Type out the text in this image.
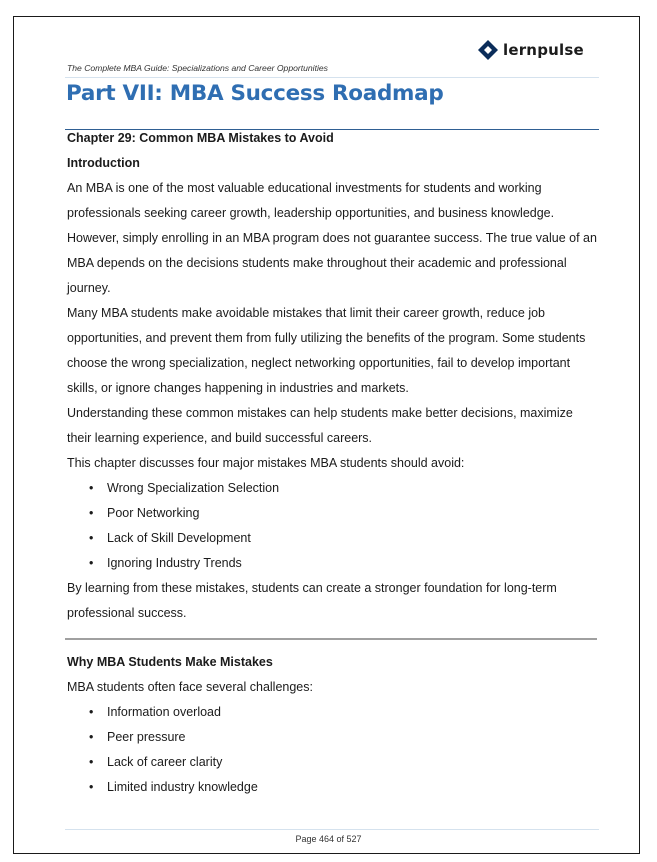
lernpulse
The Complete MBA Guide: Specializations and Career Opportunities
Part VII: MBA Success Roadmap
Chapter 29: Common MBA Mistakes to Avoid
Introduction
An MBA is one of the most valuable educational investments for students and working
professionals seeking career growth, leadership opportunities, and business knowledge.
However, simply enrolling in an MBA program does not guarantee success. The true value of an
MBA depends on the decisions students make throughout their academic and professional
journey.
Many MBA students make avoidable mistakes that limit their career growth, reduce job
opportunities, and prevent them from fully utilizing the benefits of the program. Some students
choose the wrong specialization, neglect networking opportunities, fail to develop important
skills, or ignore changes happening in industries and markets.
Understanding these common mistakes can help students make better decisions, maximize
their learning experience, and build successful careers.
This chapter discusses four major mistakes MBA students should avoid:
•	Wrong Specialization Selection
•	Poor Networking
•	Lack of Skill Development
•	Ignoring Industry Trends
By learning from these mistakes, students can create a stronger foundation for long-term
professional success.
Why MBA Students Make Mistakes
MBA students often face several challenges:
•	Information overload
•	Peer pressure
•	Lack of career clarity
•	Limited industry knowledge
Page 464 of 527
